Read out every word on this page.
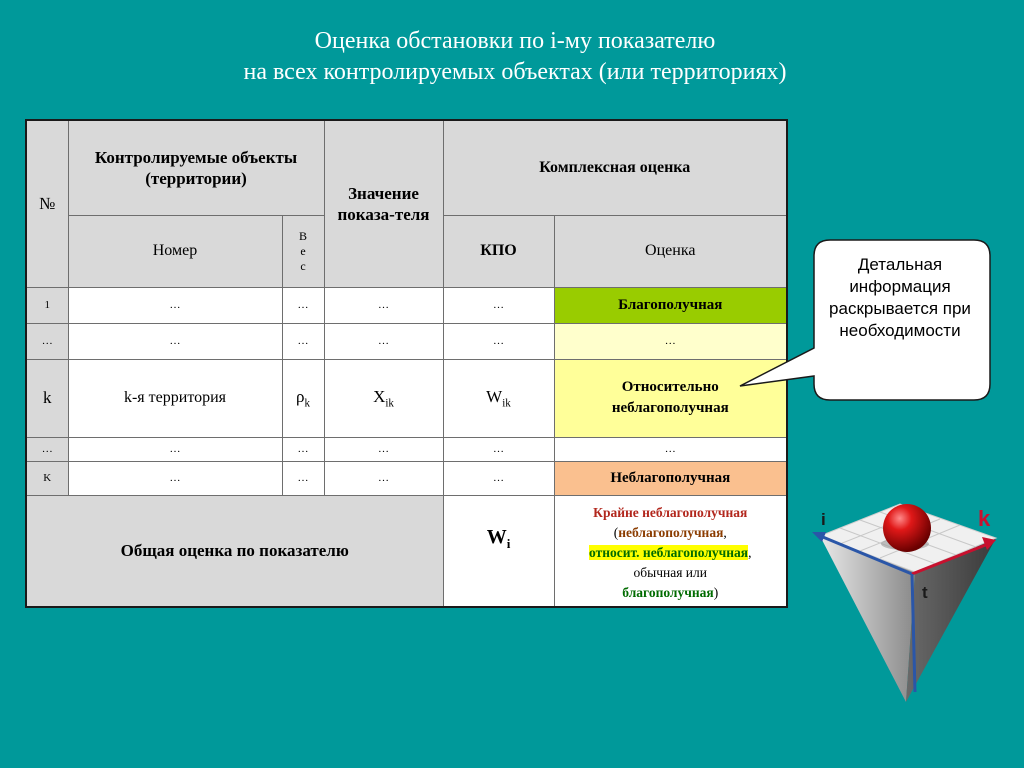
Оценка обстановки по i-му показателю
на всех контролируемых объектах (или территориях)
№	Контролируемые объекты (территории)		Значение показа-теля	Комплексная оценка	
	Номер	В е с		КПО	Оценка
1	…	…	…	…	Благополучная
…	…	…	…	…	…
k	k-я территория	$\rho_k$	$X_{ik}$	$W_{ik}$	Относительно неблагополучная
…	…	…	…	…	…
K	…	…	…	…	Неблагополучная
Общая оценка по показателю				$W_i$	Крайне неблагополучная
(неблагополучная,
относит. неблагополучная,
обычная или
благополучная)
Детальная информация раскрывается при необходимости
i	k
t
